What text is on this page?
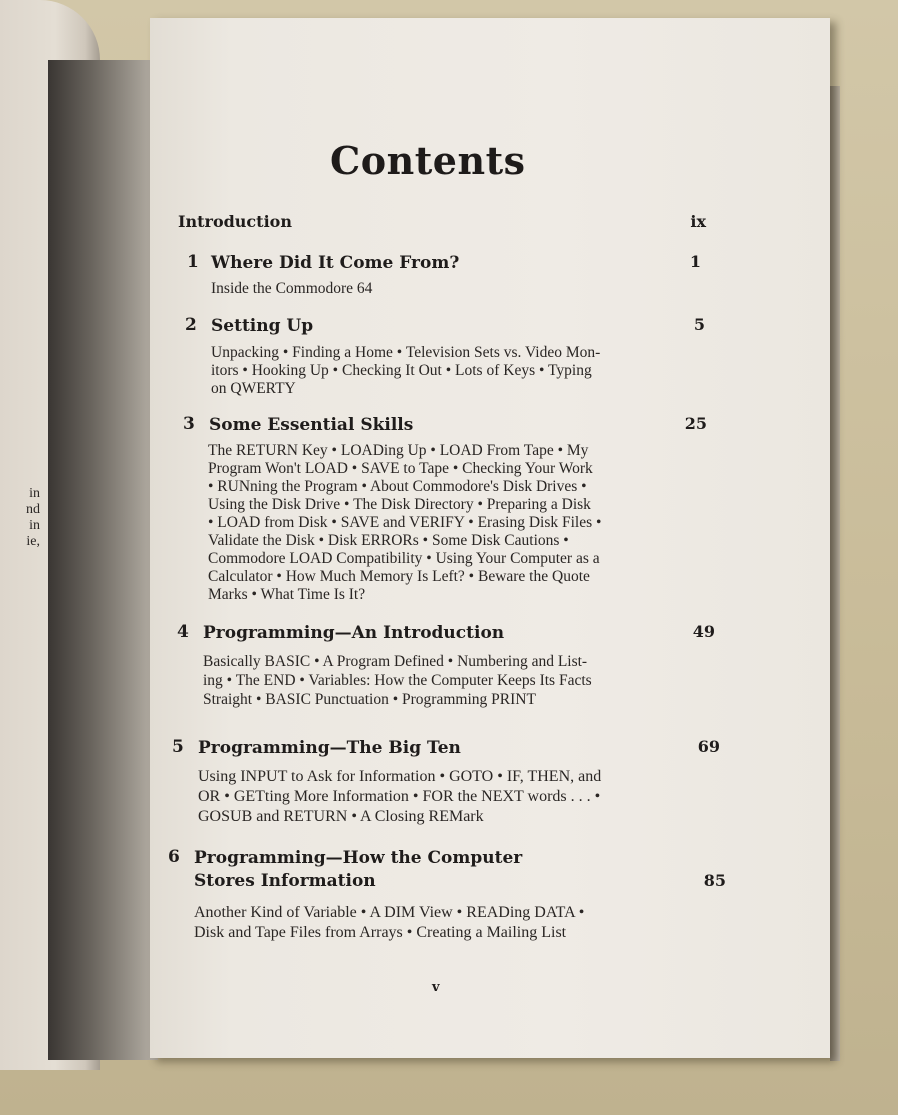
in
nd
in
ie,
Contents
Introduction	ix
1 Where Did It Come From?	1
Inside the Commodore 64
2 Setting Up	5
Unpacking • Finding a Home • Television Sets vs. Video Mon-
itors • Hooking Up • Checking It Out • Lots of Keys • Typing
on QWERTY
3 Some Essential Skills	25
The RETURN Key • LOADing Up • LOAD From Tape • My
Program Won't LOAD • SAVE to Tape • Checking Your Work
• RUNning the Program • About Commodore's Disk Drives •
Using the Disk Drive • The Disk Directory • Preparing a Disk
• LOAD from Disk • SAVE and VERIFY • Erasing Disk Files •
Validate the Disk • Disk ERRORs • Some Disk Cautions •
Commodore LOAD Compatibility • Using Your Computer as a
Calculator • How Much Memory Is Left? • Beware the Quote
Marks • What Time Is It?
4 Programming—An Introduction	49
Basically BASIC • A Program Defined • Numbering and List-
ing • The END • Variables: How the Computer Keeps Its Facts
Straight • BASIC Punctuation • Programming PRINT
5 Programming—The Big Ten	69
Using INPUT to Ask for Information • GOTO • IF, THEN, and
OR • GETting More Information • FOR the NEXT words . . . •
GOSUB and RETURN • A Closing REMark
6 Programming—How the Computer
Stores Information	85
Another Kind of Variable • A DIM View • READing DATA •
Disk and Tape Files from Arrays • Creating a Mailing List
v
